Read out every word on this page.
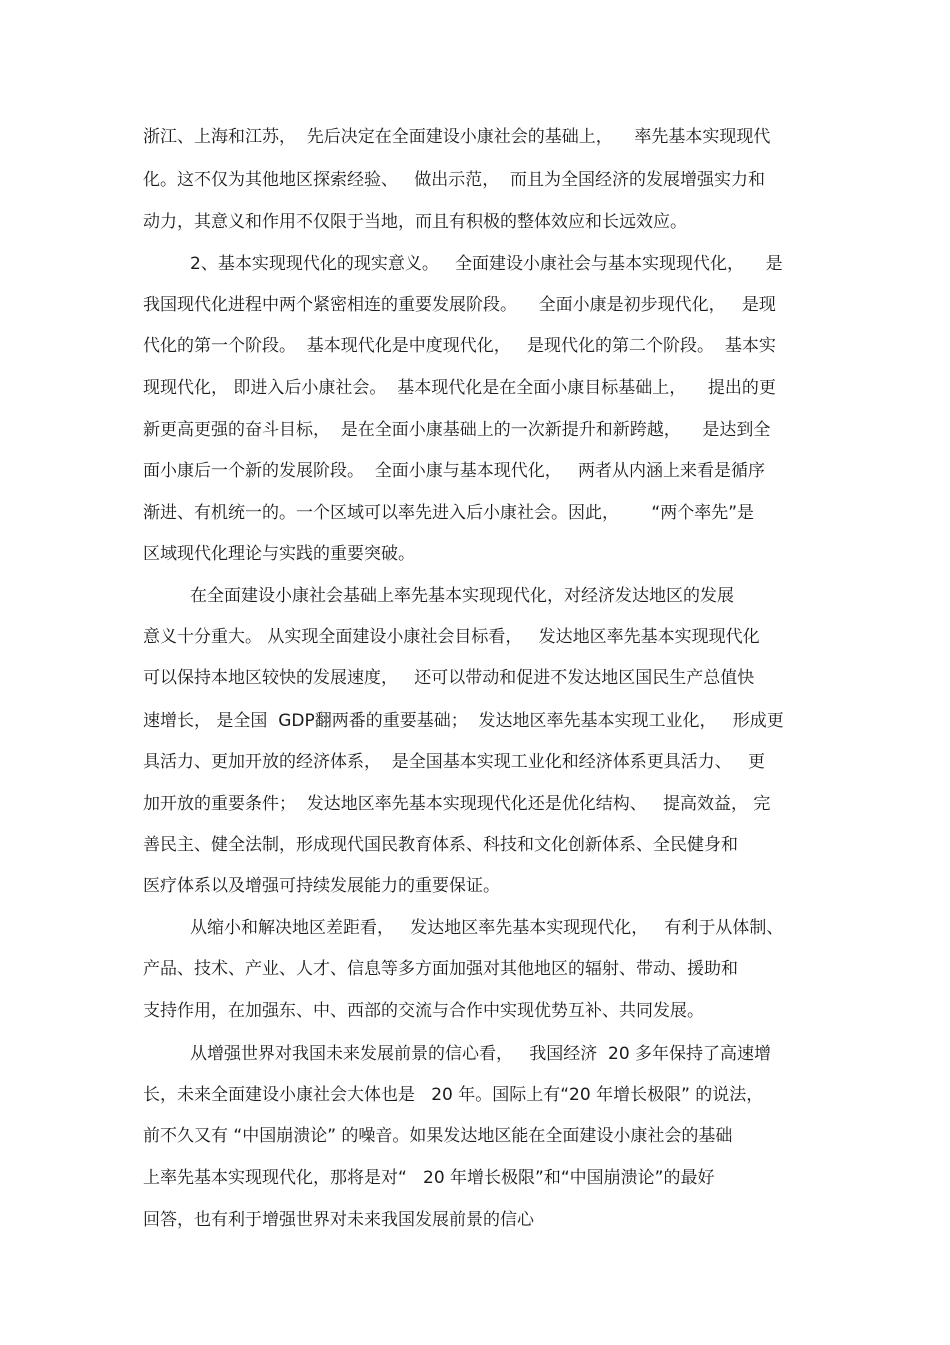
浙江、上海和江苏，  先后决定在全面建设小康社会的基础上，    率先基本实现现代
化。这不仅为其他地区探索经验、   做出示范，  而且为全国经济的发展增强实力和
动力，其意义和作用不仅限于当地，而且有积极的整体效应和长远效应。
2、基本实现现代化的现实意义。   全面建设小康社会与基本实现现代化，    是
我国现代化进程中两个紧密相连的重要发展阶段。    全面小康是初步现代化，   是现
代化的第一个阶段。  基本现代化是中度现代化，   是现代化的第二个阶段。  基本实
现现代化， 即进入后小康社会。  基本现代化是在全面小康目标基础上，    提出的更
新更高更强的奋斗目标，  是在全面小康基础上的一次新提升和新跨越，    是达到全
面小康后一个新的发展阶段。  全面小康与基本现代化，   两者从内涵上来看是循序
渐进、有机统一的。一个区域可以率先进入后小康社会。因此，      “两个率先”是
区域现代化理论与实践的重要突破。
在全面建设小康社会基础上率先基本实现现代化，对经济发达地区的发展
意义十分重大。 从实现全面建设小康社会目标看，   发达地区率先基本实现现代化
可以保持本地区较快的发展速度，   还可以带动和促进不发达地区国民生产总值快
速增长， 是全国  GDP翻两番的重要基础；  发达地区率先基本实现工业化，   形成更
具活力、更加开放的经济体系，  是全国基本实现工业化和经济体系更具活力、   更
加开放的重要条件；  发达地区率先基本实现现代化还是优化结构、   提高效益， 完
善民主、健全法制，形成现代国民教育体系、科技和文化创新体系、全民健身和
医疗体系以及增强可持续发展能力的重要保证。
从缩小和解决地区差距看，   发达地区率先基本实现现代化，   有利于从体制、
产品、技术、产业、人才、信息等多方面加强对其他地区的辐射、带动、援助和
支持作用，在加强东、中、西部的交流与合作中实现优势互补、共同发展。
从增强世界对我国未来发展前景的信心看，   我国经济  20 多年保持了高速增
长，未来全面建设小康社会大体也是   20 年。国际上有“20 年增长极限” 的说法，
前不久又有 “中国崩溃论” 的噪音。如果发达地区能在全面建设小康社会的基础
上率先基本实现现代化，那将是对“   20 年增长极限”和“中国崩溃论”的最好
回答，也有利于增强世界对未来我国发展前景的信心
